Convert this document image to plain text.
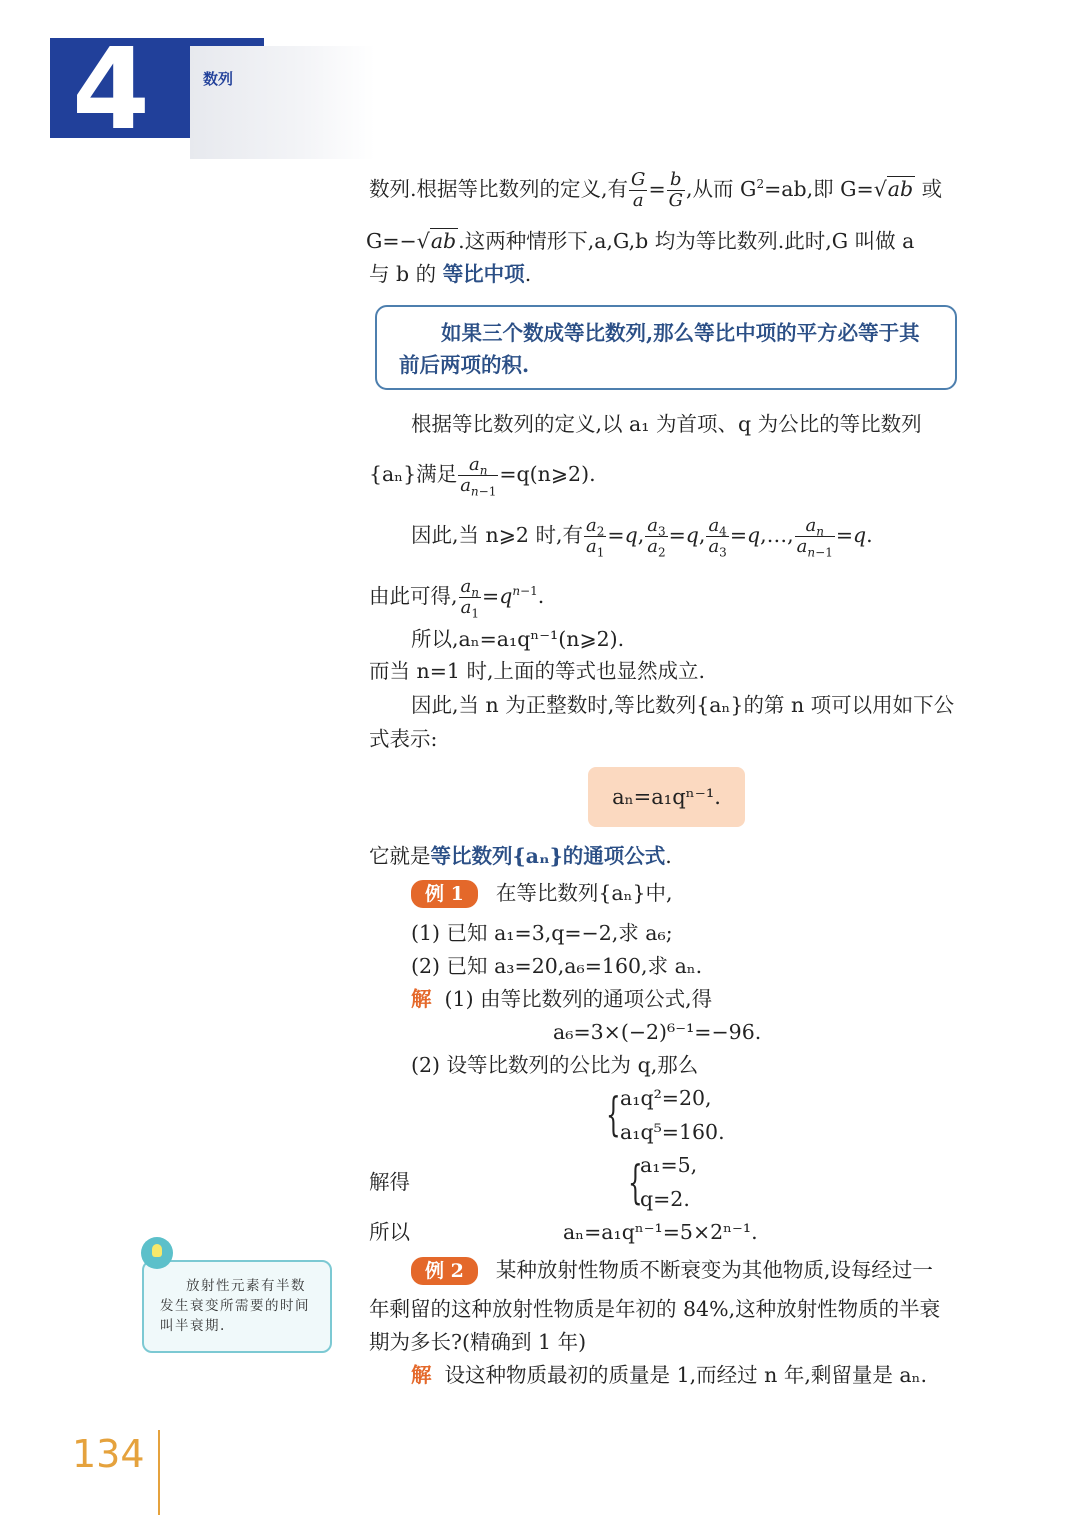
4	数列
数列.根据等比数列的定义,有 $\frac{G}{a} = \frac{b}{G}$ ,从而 $G^2=ab$,即 G=√ab 或
G=−√ab.这两种情形下,a,G,b 均为等比数列.此时,G 叫做 a
与 b 的 等比中项.
如果三个数成等比数列,那么等比中项的平方必等于其前后两项的积.
根据等比数列的定义,以 a₁ 为首项、q 为公比的等比数列
{aₙ}满足 $\frac{a_n}{a_{n-1}}$ =q(n⩾2).
因此,当 n⩾2 时,有 $\frac{a_2}{a_1} =q$, $\frac{a_3}{a_2} =q$, $\frac{a_4}{a_3}$ =q,…, $\frac{a_n}{a_{n-1}} =q$.
由此可得, $\frac{a_n}{a_1} =q^{n-1}$.
所以,aₙ=a₁qⁿ⁻¹(n⩾2).
而当 n=1 时,上面的等式也显然成立.
因此,当 n 为正整数时,等比数列{aₙ}的第 n 项可以用如下公
式表示:
aₙ=a₁qⁿ⁻¹.
它就是等比数列{aₙ}的通项公式.
例 1 在等比数列{aₙ}中,
(1) 已知 a₁=3,q=−2,求 a₆;
(2) 已知 a₃=20,a₆=160,求 aₙ.
解 (1) 由等比数列的通项公式,得
a₆=3×(−2)⁶⁻¹=−96.
(2) 设等比数列的公比为 q,那么
{ a₁q²=20,
a₁q⁵=160.
解得	{
a₁=5,
q=2.
所以	aₙ=a₁qⁿ⁻¹=5×2ⁿ⁻¹.
例 2 某种放射性物质不断衰变为其他物质,设每经过一
年剩留的这种放射性物质是年初的 84%,这种放射性物质的半衰
期为多长?(精确到 1 年)
解 设这种物质最初的质量是 1,而经过 n 年,剩留量是 aₙ.
放射性元素有半数发生衰变所需要的时间叫半衰期.
134
